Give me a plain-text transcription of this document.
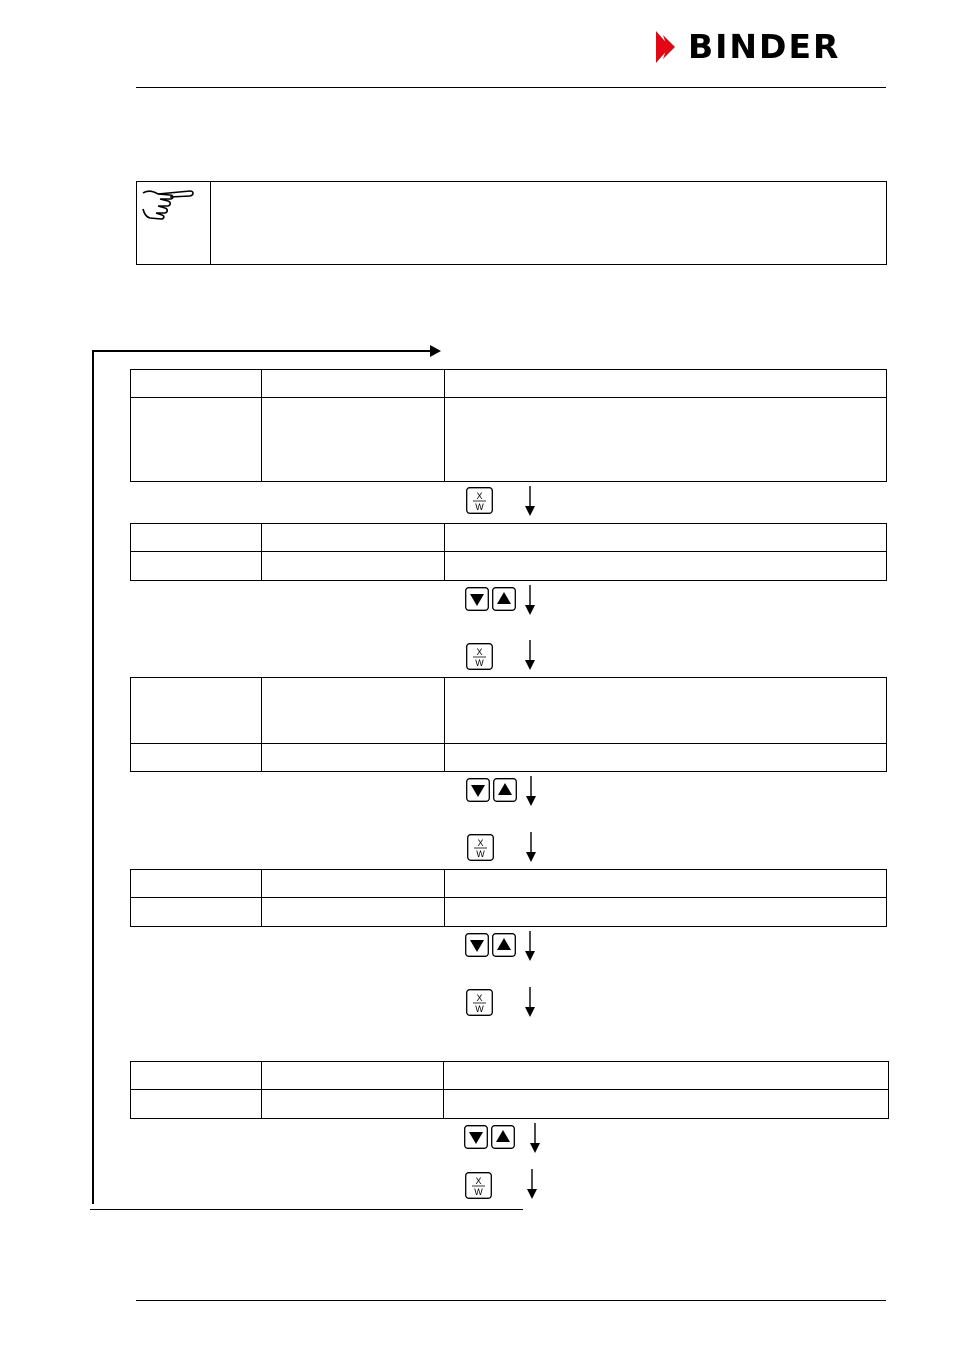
BINDER

X
W

X
W

X
W

X
W

X
W
